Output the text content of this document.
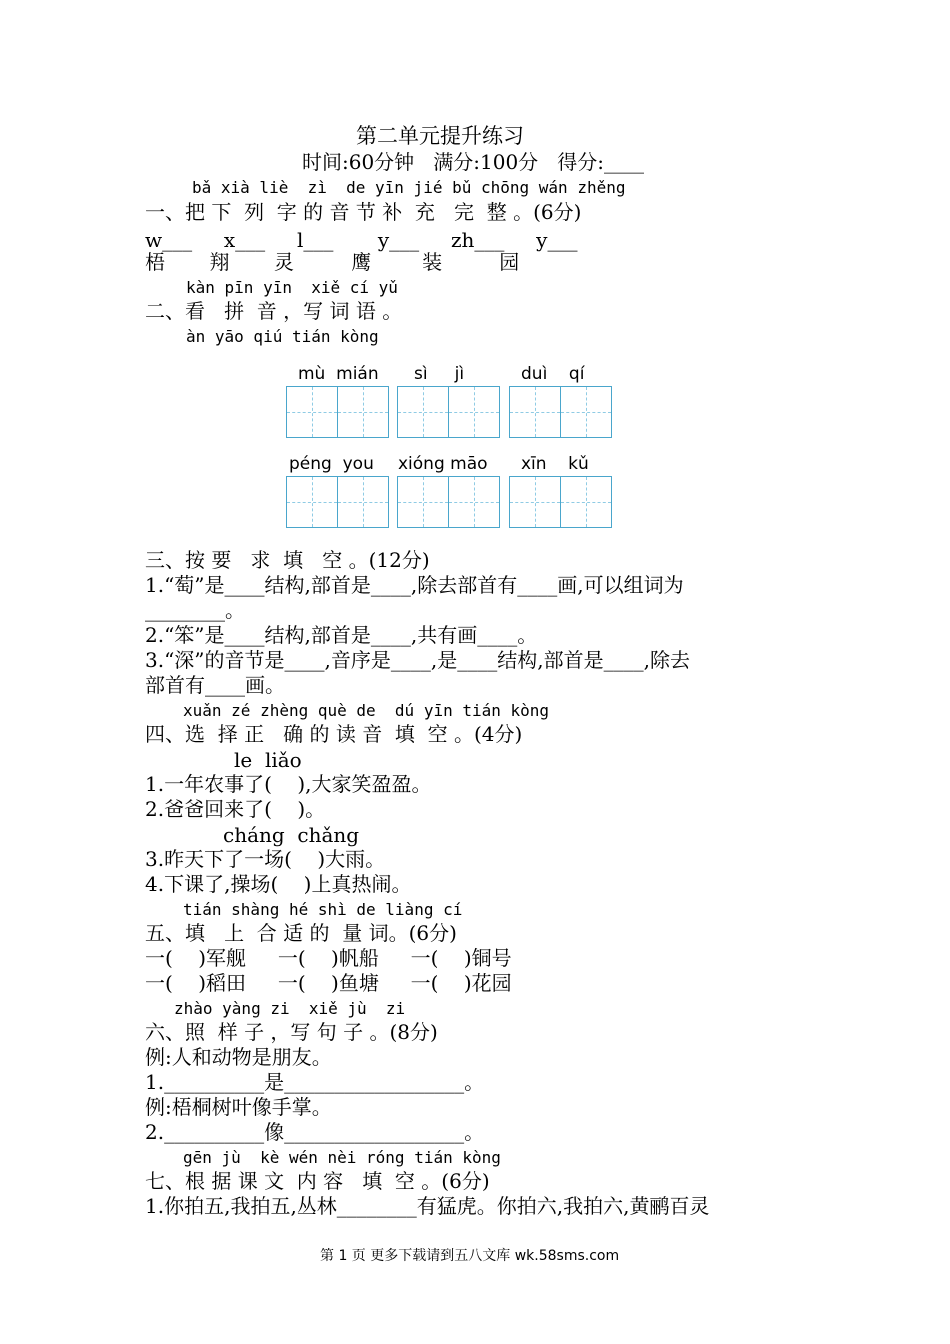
第二单元提升练习
时间:60分钟   满分:100分   得分:____
bǎ xià liè  zì  de yīn jié bǔ chōng wán zhěng
一、把 下  列  字 的 音 节 补  充   完  整 。(6分)
w___     x___     l___       y___     zh___     y___
梧       翔       灵         鹰        装         园
kàn pīn yīn  xiě cí yǔ
二、看   拼  音 ，写 词 语 。
àn yāo qiú tián kòng
mù  mián sì     jì	duì    qí
péng  you xióng māo xīn    kǔ
三、按 要   求  填   空 。(12分)
1.“萄”是____结构,部首是____,除去部首有____画,可以组词为
________。
2.“笨”是____结构,部首是____,共有画____。
3.“深”的音节是____,音序是____,是____结构,部首是____,除去
部首有____画。
xuǎn zé zhèng què de  dú yīn tián kòng
四、选  择 正   确 的 读 音  填  空 。(4分)
le  liǎo
1.一年农事了(    ),大家笑盈盈。
2.爸爸回来了(    )。
cháng  chǎng
3.昨天下了一场(    )大雨。
4.下课了,操场(    )上真热闹。
tián shàng hé shì de liàng cí
五、填   上  合 适 的  量 词。(6分)
一(    )军舰     一(    )帆船     一(    )铜号
一(    )稻田     一(    )鱼塘     一(    )花园
zhào yàng zi  xiě jù  zi
六、照  样 子 ，写 句 子 。(8分)
例:人和动物是朋友。
1.__________是__________________。
例:梧桐树叶像手掌。
2.__________像__________________。
gēn jù  kè wén nèi róng tián kòng
七、根 据 课 文  内 容   填  空 。(6分)
1.你拍五,我拍五,丛林________有猛虎。你拍六,我拍六,黄鹂百灵
第 1 页 更多下载请到五八文库 wk.58sms.com
